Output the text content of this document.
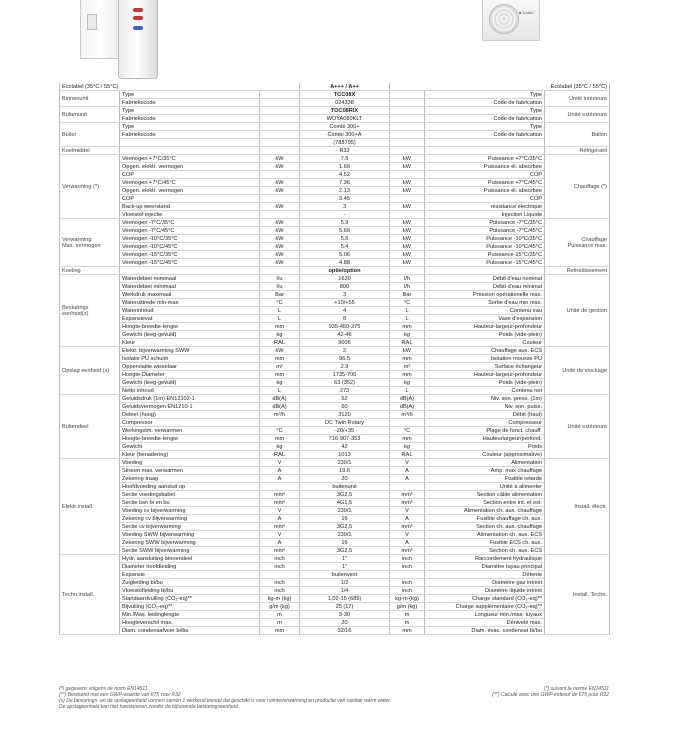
■ Daikin
Ecolabel (35°C / 55°C)			A+++ / A++	Ecolabel (35°C / 55°C)		
Binnenunit	Type		TCC08X		Type	Unité intérieure
	Fabriekscode		024338		Code de fabrication	
Buitenunit	Type		TOC08RIX		Type	Unité extérieure
	Fabriekscode		WOYA080KLT		Code de fabrication	
Boiler	Type		Combi 300+		Type	Ballon
	Fabriekscode		Combi 300+A		Code de fabrication	
			(788795)			
Koelmiddel			R32			Réfrigérant
Verwarming (*)	Vermogen +7°C/35°C	kW	7.5	kW	Puissance +7°C/35°C	Chauffage (*)
	Opgen. elektr. vermogen	kW	1.66	kW	Puissance él. absorbée	
	COP		4.52		COP	
	Vermogen +7°C/45°C	kW	7.36	kW	Puissance +7°C/45°C	
	Opgen. elektr. vermogen	kW	2.13	kW	Puissance él. absorbée	
	COP		3.45		COP	
	Back-up weerstand	kW	3	kW	résistance électrique	
	Vloeistof injectie		-		Injection Liquide	
Verwarming
Max. vermogen	Vermogen -7°C/35°C	kW	5.9	kW	Puissance -7°C/35°C	Chauffage
Puissance max.
	Vermogen -7°C/45°C	kW	5.66	kW	Puissance -7°C/45°C	
	Vermogen -10°C/35°C	kW	5.6	kW	Puissance -10°C/35°C	
	Vermogen -10°C/45°C	kW	5.4	kW	Puissance -10°C/45°C	
	Vermogen -15°C/35°C	kW	5.06	kW	Puissance-15°C/35°C	
	Vermogen -15°C/45°C	kW	4.88	kW	Puissance -15°C/45°C	
Koeling			optie/option			Refroidissement
Besturings
eenheid(x)	Waterdebiet nominaal	l/u	1620	l/h	Débit d'eau nominal	Unité de gestion
	Waterdebiet minimaal	l/u	800	l/h	Débit d'eau minimal	
	Werkdruk maximaal	Bar	3	Bar	Pression opérationelle max.	
	Wateruittrede min-max	°C	+10/+55	°C	Sortie d'eau min.max.	
	Waterinhoud	L	4	L	Contenu eau	
	Expansievat	L	8	L	Vase d'expansion	
	Hoogte-breedte-lengte	mm	935-450-275	mm	Hauteur-largeur-profondeur	
	Gewicht (leeg-gevuld)	kg	42-46	kg	Poids (vide-plein)	
	Kleur	RAL	9006	RAL	Couleur	
Opslag eenheid (x)	Elektr. bijverwarming SWW	kW	2	kW	Chauffage aux. ECS	Unité de stockage
	Isolatie PU schuim	mm	96.5	mm	Isolation mousse PU	
	Oppervlakte wisselaar	m²	2.9	m²	Surface échangeur	
	Hoogte-Diameter	mm	1735-700	mm	Hauteur-largeur-profondeur	
	Gewicht (leeg-gevuld)	kg	63 (352)	kg	Poids (vide-plein)	
	Netto inhoud	L	273	L	Contenu net	
Buitendeel	Geluidsdruk (1m) EN12102-1	dB(A)	52	dB(A)	Niv. son. press. (1m)	Unité extérieure
	Geluidsvermogen EN1210-1	dB(A)	60	dB(A)	Niv. son. puiss.	
	Debiet (hoog)	m³/h	3120	m³/h	Débit (haut)	
	Compressor		DC Twin Rotary		Compresseur	
	Werkingstm. verwarmen	°C	-20/+35	°C	Plage de fonct. chauff.	
	Hoogte-breedte-lengte	mm	716-907-353	mm	Hauteurlargeur/profond.	
	Gewicht	kg	42	kg	Poids	
	Kleur (benadering)	RAL	1013	RAL	Couleur (approximative)	
Elektr.install.	Voeding	V	230/1	V	Alimentation	Install. électr.
	Stroom max. verwarmen	A	19.6	A	Amp. max chauffage	
	Zekering traag	A	20	A	Fusible retarde	
	Hoofdvoeding aansluit op		buitenunit		Unité à alimenter	
	Sectie voedingskabel	mm²	3G2,5	mm²	Section câble alimentation	
	Sectie bsn bi en bu	mm²	4G1,5	mm²	Section entre int. et ext.	
	Voeding cv bijverwarming	V	230/1	V	Alimentation ch. aux. chauffage	
	Zekering cv bijverwarming	A	16	A	Fusible chauffage ch. aux.	
	Sectie cv bijverwarming	mm²	3G2,5	mm²	Section ch. aux. chauffage	
	Voeding SWW bijverwarming	V	230/1	V	Alimentation ch. aux. ECS	
	Zekering SWW bijverwarming	A	16	A	Fusible ECS ch. aux.	
	Sectie SWW bijverwarming	mm²	3G2,5	mm²	Section ch. aux. ECS	
Techn.install.	Hydr. aansluiting binnendeel	inch	1"	inch	Raccordement hydraulique	Install. Techn.
	Diameter hoofdleiding	inch	1"	inch	Diamètre tuyau principal	
	Expansie		buitenvext		Détente	
	Zuigleiding bi/bu	inch	1/2	inch	Diamètre gaz int/ext	
	Vloeistofleiding bi/bu	inch	1/4	inch	Diamètre liquide int/ext	
	Standaardvulling (CO₂-eq)**	kg-m (kg)	1,02-15 (689)	kg-m (kg)	Charge standard (CO₂-eq)**	
	Bijvulling (CO₂-eq)**	g/m (kg)	25 (17)	g/m (kg)	Charge supplémentaire (CO₂-eq)**	
	Min./Max. leidinglengte	m	3-30	m	Longueur min./max. tuyaux	
	Hoogteverschil max.	m	20	m	Dénivelé max.	
	Diam. condensafvoer bi/bu	mm	32/16	mm	Diam. évac. condensat bi/bu	
(*) gegevens volgens de norm EN14511	(*) suivant la norme EN14511
(**) Berekend met een GWP-waarde van 675 voor R32	(**) Calculé avec une GWP-indexof de 675 pour R32
(x) De besturings- en de opslageenheid vormen samen 1 werkend toestel dat geschikt is voor ruimteverwarming en productie van sanitair warm water.
De opslageenheid kan niet functioneren zonder de bijhorende besturingseenheid.
